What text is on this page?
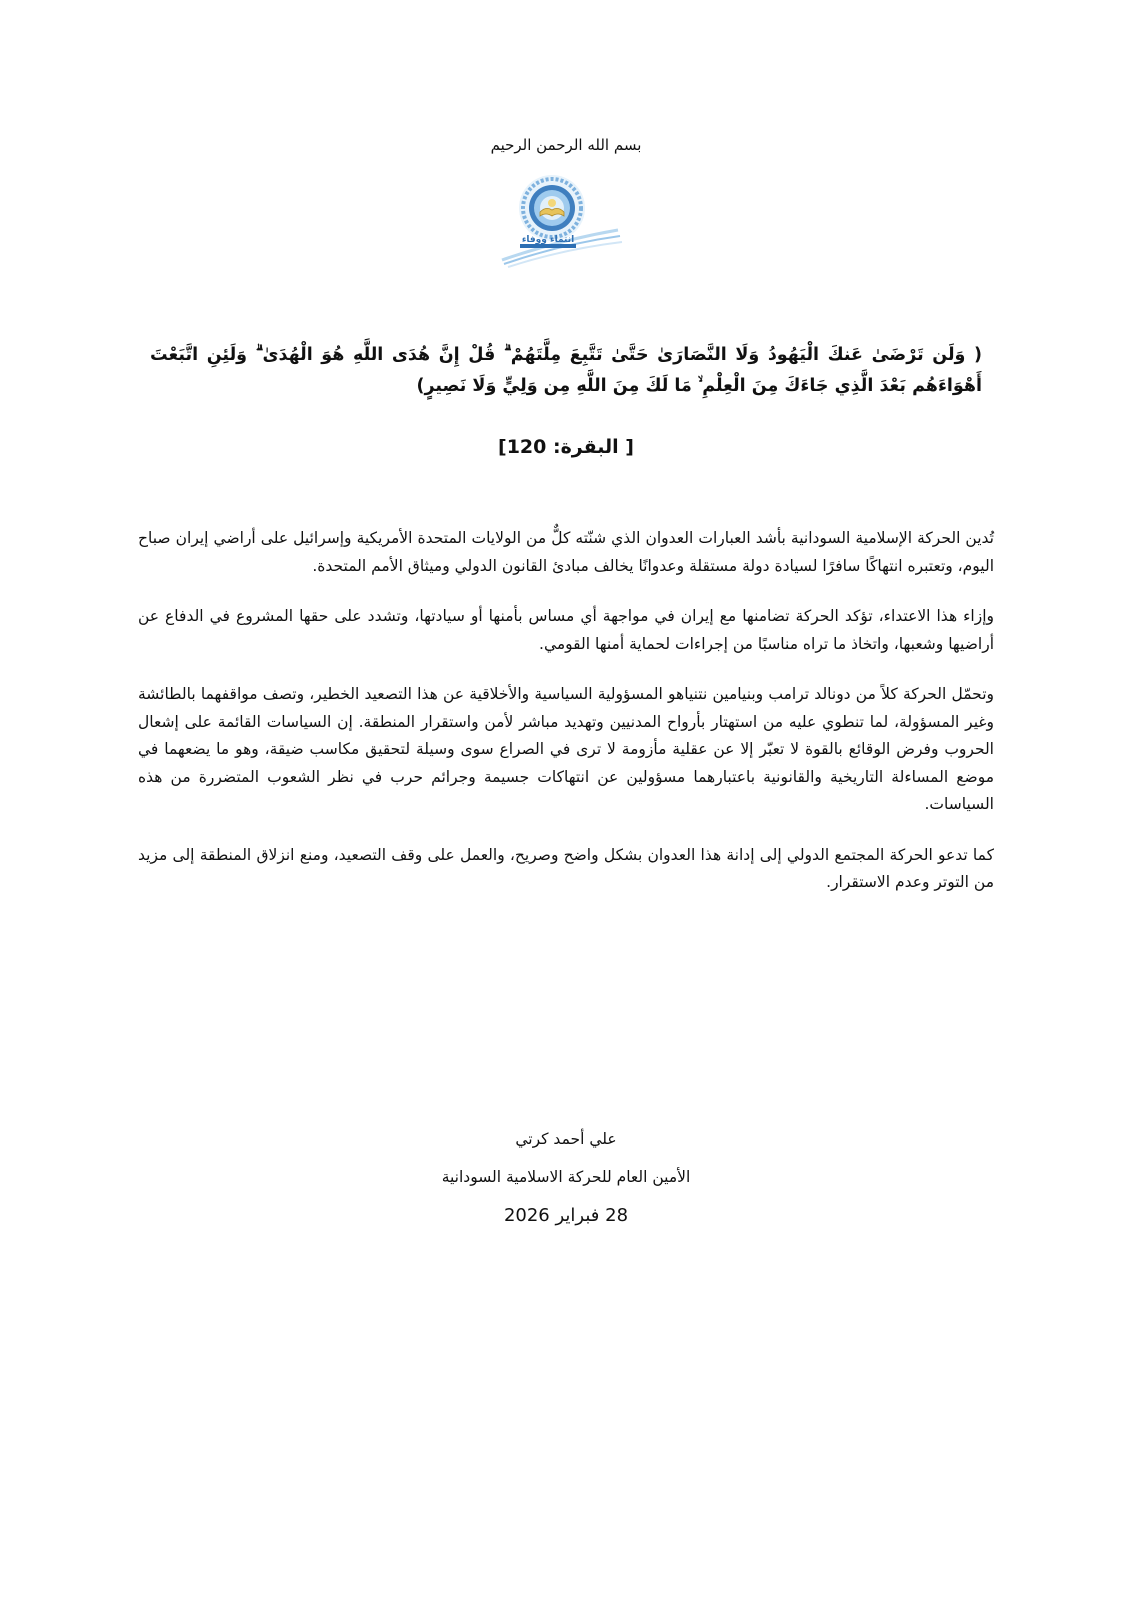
بسم الله الرحمن الرحيم
انتماء ووفاء
( وَلَن تَرْضَىٰ عَنكَ الْيَهُودُ وَلَا النَّصَارَىٰ حَتَّىٰ تَتَّبِعَ مِلَّتَهُمْ ۗ قُلْ إِنَّ هُدَى اللَّهِ هُوَ الْهُدَىٰ ۗ وَلَئِنِ اتَّبَعْتَ أَهْوَاءَهُم بَعْدَ الَّذِي جَاءَكَ مِنَ الْعِلْمِ ۙ مَا لَكَ مِنَ اللَّهِ مِن وَلِيٍّ وَلَا نَصِيرٍ)
[ البقرة: 120]

تُدين الحركة الإسلامية السودانية بأشد العبارات العدوان الذي شنّته كلٌّ من الولايات المتحدة الأمريكية وإسرائيل على أراضي إيران صباح اليوم، وتعتبره انتهاكًا سافرًا لسيادة دولة مستقلة وعدوانًا يخالف مبادئ القانون الدولي وميثاق الأمم المتحدة.

وإزاء هذا الاعتداء، تؤكد الحركة تضامنها مع إيران في مواجهة أي مساس بأمنها أو سيادتها، وتشدد على حقها المشروع في الدفاع عن أراضيها وشعبها، واتخاذ ما تراه مناسبًا من إجراءات لحماية أمنها القومي.

وتحمّل الحركة كلاً من دونالد ترامب وبنيامين نتنياهو المسؤولية السياسية والأخلاقية عن هذا التصعيد الخطير، وتصف مواقفهما بالطائشة وغير المسؤولة، لما تنطوي عليه من استهتار بأرواح المدنيين وتهديد مباشر لأمن واستقرار المنطقة. إن السياسات القائمة على إشعال الحروب وفرض الوقائع بالقوة لا تعبّر إلا عن عقلية مأزومة لا ترى في الصراع سوى وسيلة لتحقيق مكاسب ضيقة، وهو ما يضعهما في موضع المساءلة التاريخية والقانونية باعتبارهما مسؤولين عن انتهاكات جسيمة وجرائم حرب في نظر الشعوب المتضررة من هذه السياسات.

كما تدعو الحركة المجتمع الدولي إلى إدانة هذا العدوان بشكل واضح وصريح، والعمل على وقف التصعيد، ومنع انزلاق المنطقة إلى مزيد من التوتر وعدم الاستقرار.

علي أحمد كرتي
الأمين العام للحركة الاسلامية السودانية
28 فبراير 2026
